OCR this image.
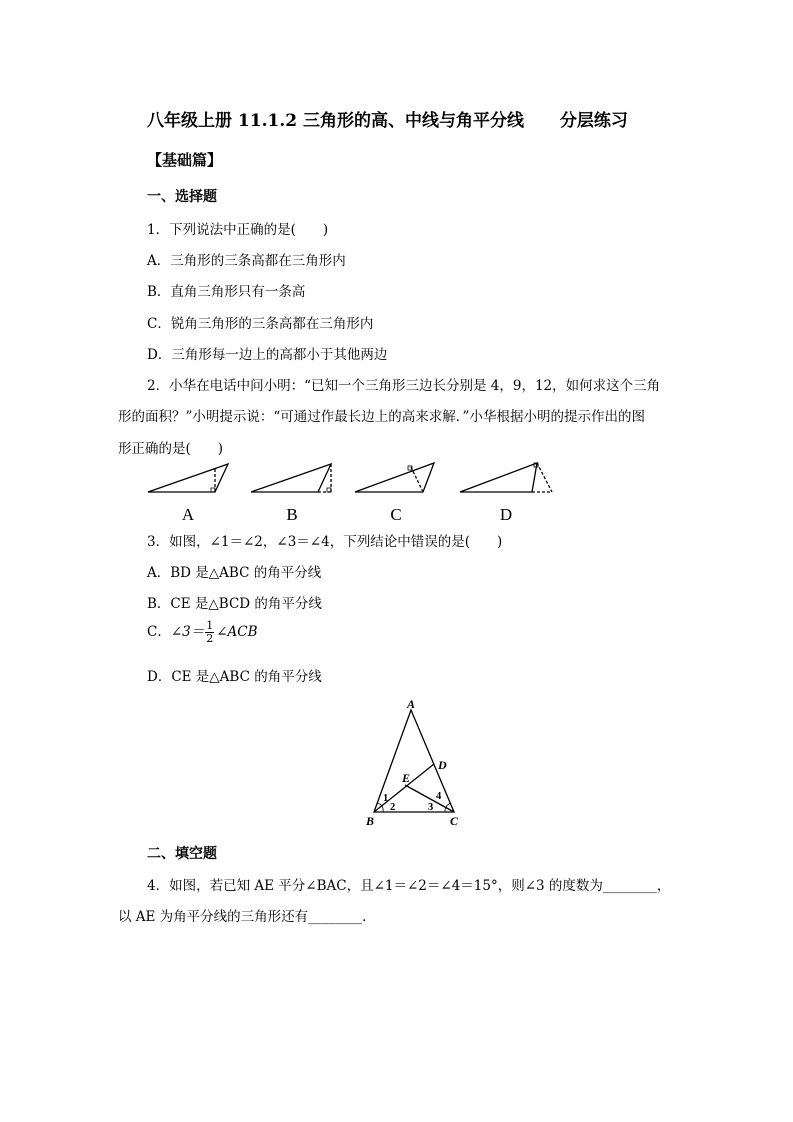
八年级上册 11.1.2 三角形的高、中线与角平分线 分层练习
【基础篇】
一、选择题
1．下列说法中正确的是(　　)
A．三角形的三条高都在三角形内
B．直角三角形只有一条高
C．锐角三角形的三条高都在三角形内
D．三角形每一边上的高都小于其他两边
2．小华在电话中问小明：“已知一个三角形三边长分别是 4，9，12，如何求这个三角
形的面积？”小明提示说：“可通过作最长边上的高来求解．”小华根据小明的提示作出的图
形正确的是(　　)
A	B	C	D
3．如图，∠1＝∠2，∠3＝∠4，下列结论中错误的是(　　)
A．BD 是△ABC 的角平分线
B．CE 是△BCD 的角平分线
C．∠3＝ $\frac{1}{2}$ ∠ACB
D．CE 是△ABC 的角平分线
A
B	C
D
E
1
2	3
4
二、填空题
4．如图，若已知 AE 平分∠BAC，且∠1＝∠2＝∠4＝15°，则∠3 的度数为________，
以 AE 为角平分线的三角形还有________．
